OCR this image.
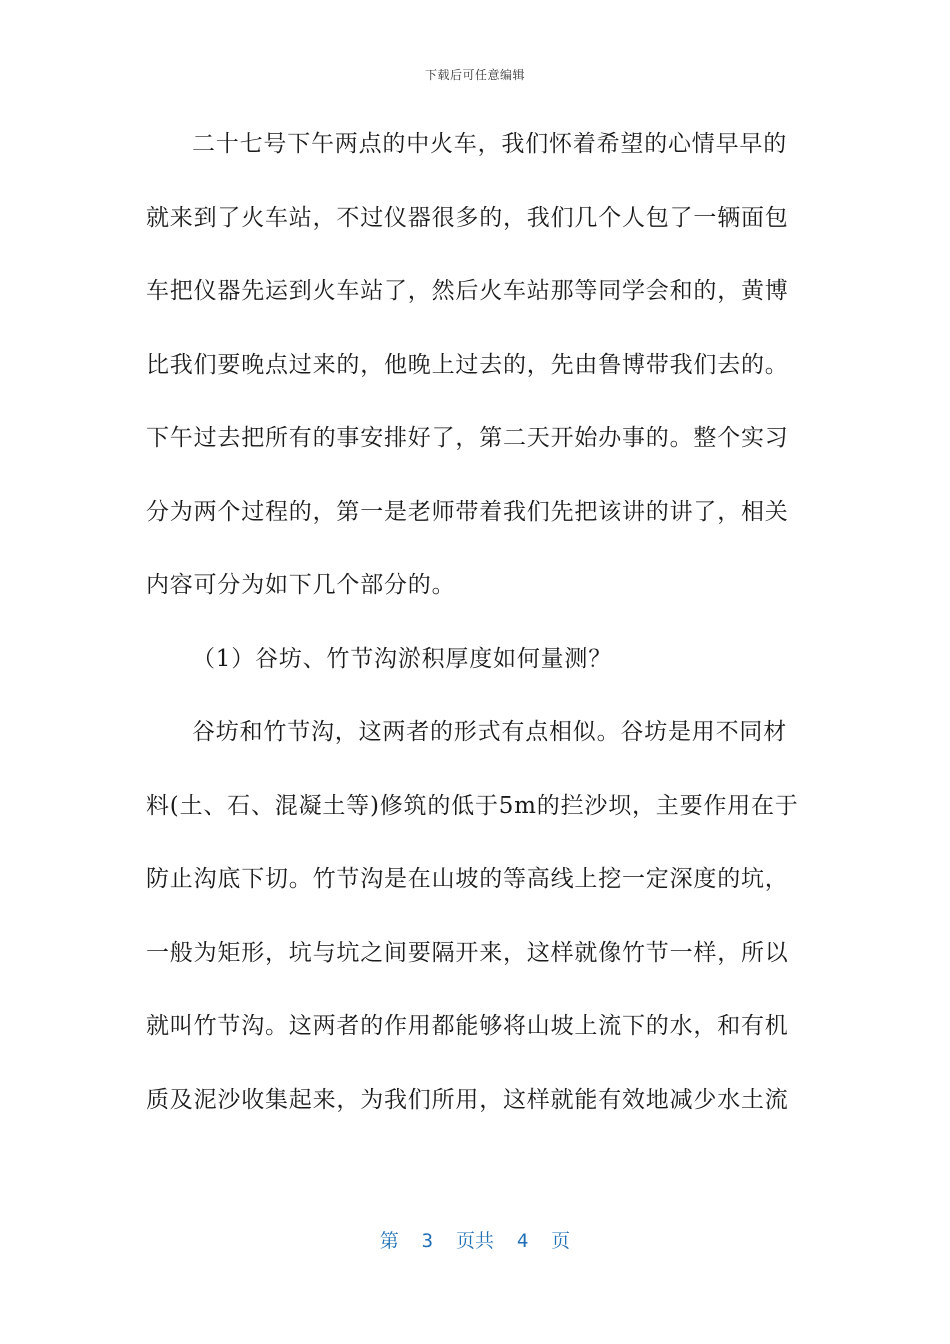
下载后可任意编辑
二十七号下午两点的中火车，我们怀着希望的心情早早的
就来到了火车站，不过仪器很多的，我们几个人包了一辆面包
车把仪器先运到火车站了，然后火车站那等同学会和的，黄博
比我们要晚点过来的，他晚上过去的，先由鲁博带我们去的。
下午过去把所有的事安排好了，第二天开始办事的。整个实习
分为两个过程的，第一是老师带着我们先把该讲的讲了，相关
内容可分为如下几个部分的。
（1）谷坊、竹节沟淤积厚度如何量测？
谷坊和竹节沟，这两者的形式有点相似。谷坊是用不同材
料(土、石、混凝土等)修筑的低于5m的拦沙坝，主要作用在于
防止沟底下切。竹节沟是在山坡的等高线上挖一定深度的坑，
一般为矩形，坑与坑之间要隔开来，这样就像竹节一样，所以
就叫竹节沟。这两者的作用都能够将山坡上流下的水，和有机
质及泥沙收集起来，为我们所用，这样就能有效地减少水土流
第  3  页共  4  页
